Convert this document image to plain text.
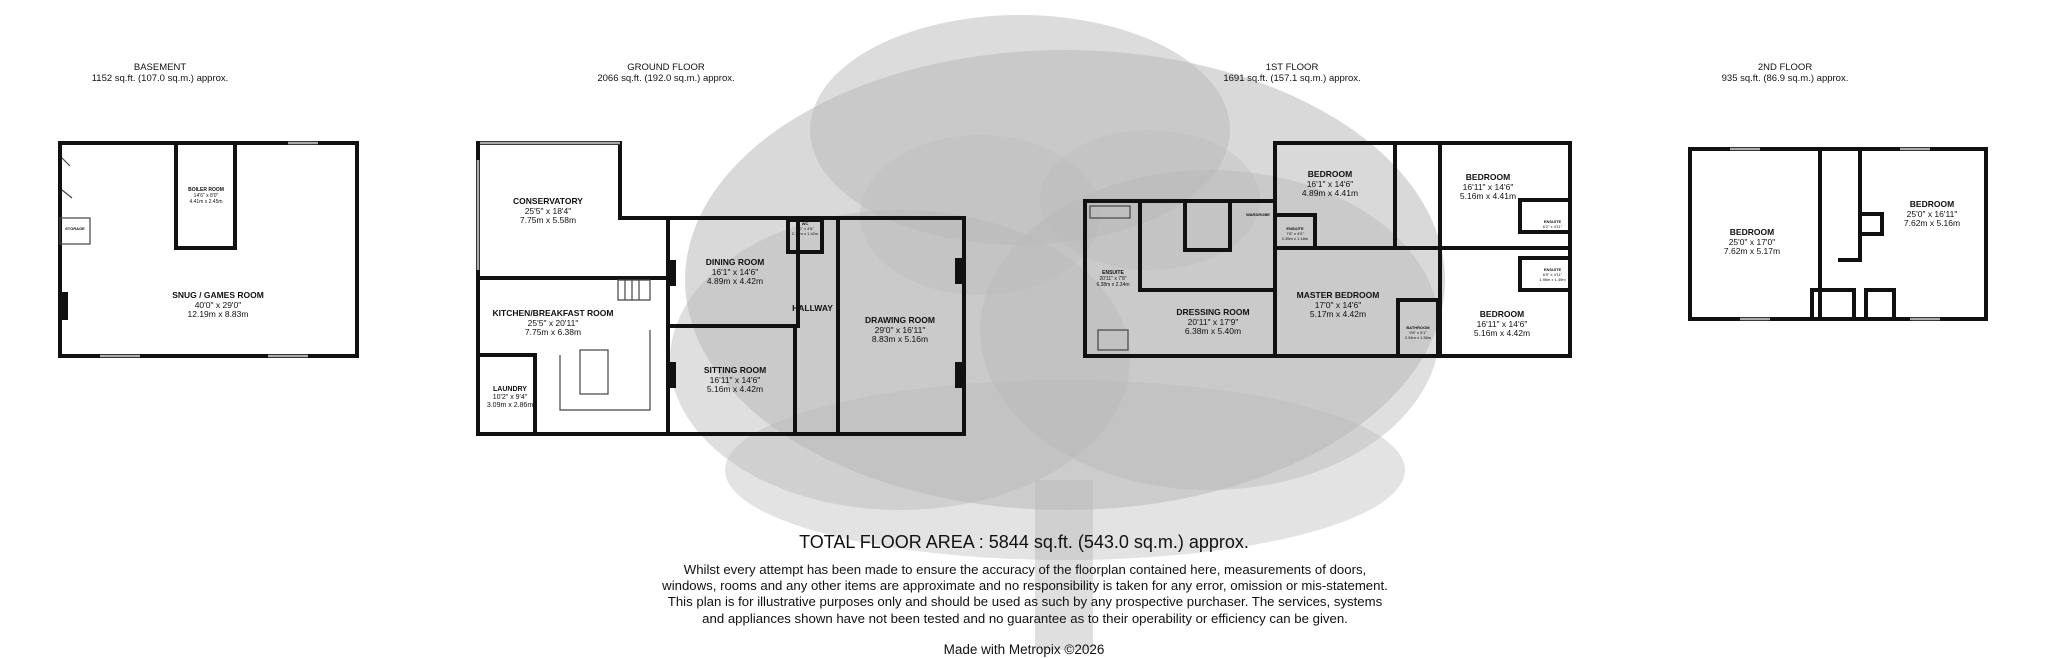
BASEMENT
1152 sq.ft. (107.0 sq.m.) approx.
GROUND FLOOR
2066 sq.ft. (192.0 sq.m.) approx.
1ST FLOOR
1691 sq.ft. (157.1 sq.m.) approx.
2ND FLOOR
935 sq.ft. (86.9 sq.m.) approx.
SNUG / GAMES ROOM
40'0" x 29'0"
12.19m x 8.83m
BOILER ROOM
14'6" x 8'0"
4.41m x 2.45m
STORAGE
CONSERVATORY
25'5" x 18'4"
7.75m x 5.58m
KITCHEN/BREAKFAST ROOM
25'5" x 20'11"
7.75m x 6.38m
LAUNDRY
10'2" x 9'4"
3.09m x 2.86m
DINING ROOM
16'1" x 14'6"
4.89m x 4.42m
WC
7'0" x 4'8"
2.14m x 1.42m
HALLWAY
SITTING ROOM
16'11" x 14'6"
5.16m x 4.42m
DRAWING ROOM
29'0" x 16'11"
8.83m x 5.16m
ENSUITE
20'11" x 7'8"
6.38m x 2.34m
DRESSING ROOM
20'11" x 17'9"
6.38m x 5.40m
WARDROBE
ENSUITE
7'8" x 4'0"
2.35m x 1.18m
BEDROOM
16'1" x 14'6"
4.89m x 4.41m
MASTER BEDROOM
17'0" x 14'6"
5.17m x 4.42m
BATHROOM
9'8" x 5'1"
2.94m x 1.56m
BEDROOM
16'11" x 14'6"
5.16m x 4.41m
ENSUITE
6'2" x 4'11"
1.87m x 1.49m
ENSUITE
6'5" x 4'11"
1.96m x 1.49m
BEDROOM
16'11" x 14'6"
5.16m x 4.42m
BEDROOM
25'0" x 17'0"
7.62m x 5.17m
BEDROOM
25'0" x 16'11"
7.62m x 5.16m
TOTAL FLOOR AREA : 5844 sq.ft. (543.0 sq.m.) approx.
Whilst every attempt has been made to ensure the accuracy of the floorplan contained here, measurements of doors, windows, rooms and any other items are approximate and no responsibility is taken for any error, omission or mis-statement. This plan is for illustrative purposes only and should be used as such by any prospective purchaser. The services, systems and appliances shown have not been tested and no guarantee as to their operability or efficiency can be given.
Made with Metropix ©2026
